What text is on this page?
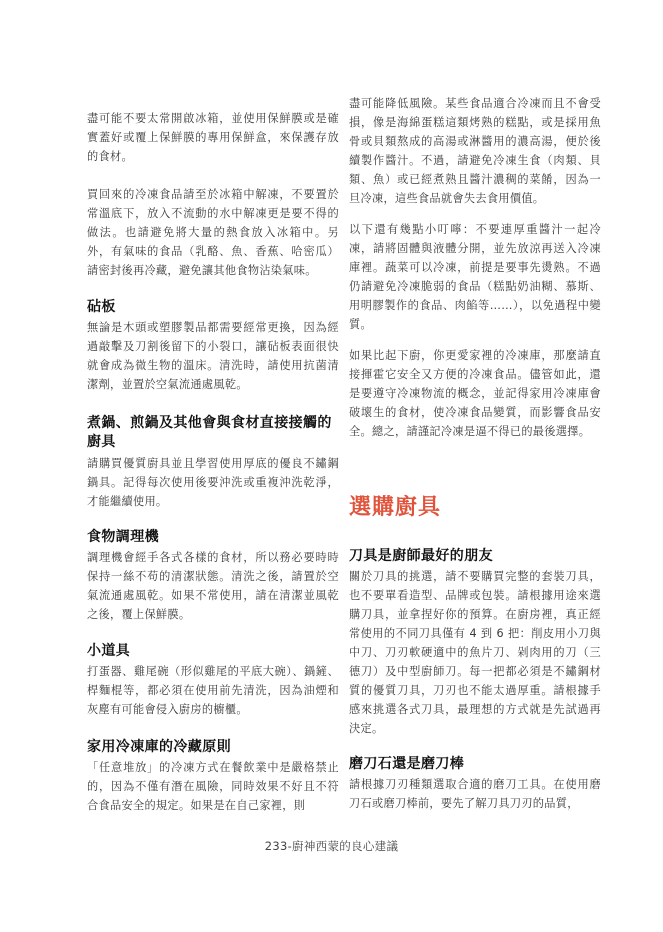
盡可能不要太常開啟冰箱，並使用保鮮膜或是確實蓋好或覆上保鮮膜的專用保鮮盒，來保護存放的食材。

買回來的冷凍食品請至於冰箱中解凍，不要置於常溫底下，放入不流動的水中解凍更是要不得的做法。也請避免將大量的熱食放入冰箱中。另外，有氣味的食品（乳酪、魚、香蕉、哈密瓜）請密封後再冷藏，避免讓其他食物沾染氣味。

砧板

無論是木頭或塑膠製品都需要經常更換，因為經過敲擊及刀割後留下的小裂口，讓砧板表面很快就會成為微生物的溫床。清洗時，請使用抗菌清潔劑，並置於空氣流通處風乾。

煮鍋、煎鍋及其他會與食材直接接觸的廚具

請購買優質廚具並且學習使用厚底的優良不鏽鋼鍋具。記得每次使用後要沖洗或重複沖洗乾淨，才能繼續使用。

食物調理機

調理機會經手各式各樣的食材，所以務必要時時保持一絲不苟的清潔狀態。清洗之後，請置於空氣流通處風乾。如果不常使用，請在清潔並風乾之後，覆上保鮮膜。

小道具

打蛋器、雞尾碗（形似雞尾的平底大碗）、鍋鏟、桿麵棍等，都必須在使用前先清洗，因為油煙和灰塵有可能會侵入廚房的櫥櫃。

家用冷凍庫的冷藏原則

「任意堆放」的冷凍方式在餐飲業中是嚴格禁止的，因為不僅有潛在風險，同時效果不好且不符合食品安全的規定。如果是在自己家裡，則

盡可能降低風險。某些食品適合冷凍而且不會受損，像是海綿蛋糕這類烤熟的糕點，或是採用魚骨或貝類熬成的高湯或淋醬用的濃高湯，便於後續製作醬汁。不過，請避免冷凍生食（肉類、貝類、魚）或已經煮熟且醬汁濃稠的菜餚，因為一旦冷凍，這些食品就會失去食用價值。

以下還有幾點小叮嚀：不要連厚重醬汁一起冷凍，請將固體與液體分開，並先放涼再送入冷凍庫裡。蔬菜可以冷凍，前提是要事先燙熟。不過仍請避免冷凍脆弱的食品（糕點奶油糊、慕斯、用明膠製作的食品、肉餡等……），以免過程中變質。

如果比起下廚，你更愛家裡的冷凍庫，那麼請直接揮霍它安全又方便的冷凍食品。儘管如此，還是要遵守冷凍物流的概念，並記得家用冷凍庫會破壞生的食材，使冷凍食品變質，而影響食品安全。總之，請謹記冷凍是逼不得已的最後選擇。

選購廚具
刀具是廚師最好的朋友

關於刀具的挑選，請不要購買完整的套裝刀具，也不要單看造型、品牌或包裝。請根據用途來選購刀具，並拿捏好你的預算。在廚房裡，真正經常使用的不同刀具僅有 4 到 6 把：削皮用小刀與中刀、刀刃軟硬適中的魚片刀、剁肉用的刀（三德刀）及中型廚師刀。每一把都必須是不鏽鋼材質的優質刀具，刀刃也不能太過厚重。請根據手感來挑選各式刀具，最理想的方式就是先試過再決定。

磨刀石還是磨刀棒

請根據刀刃種類選取合適的磨刀工具。在使用磨刀石或磨刀棒前，要先了解刀具刀刃的品質，

233-廚神西蒙的良心建議
